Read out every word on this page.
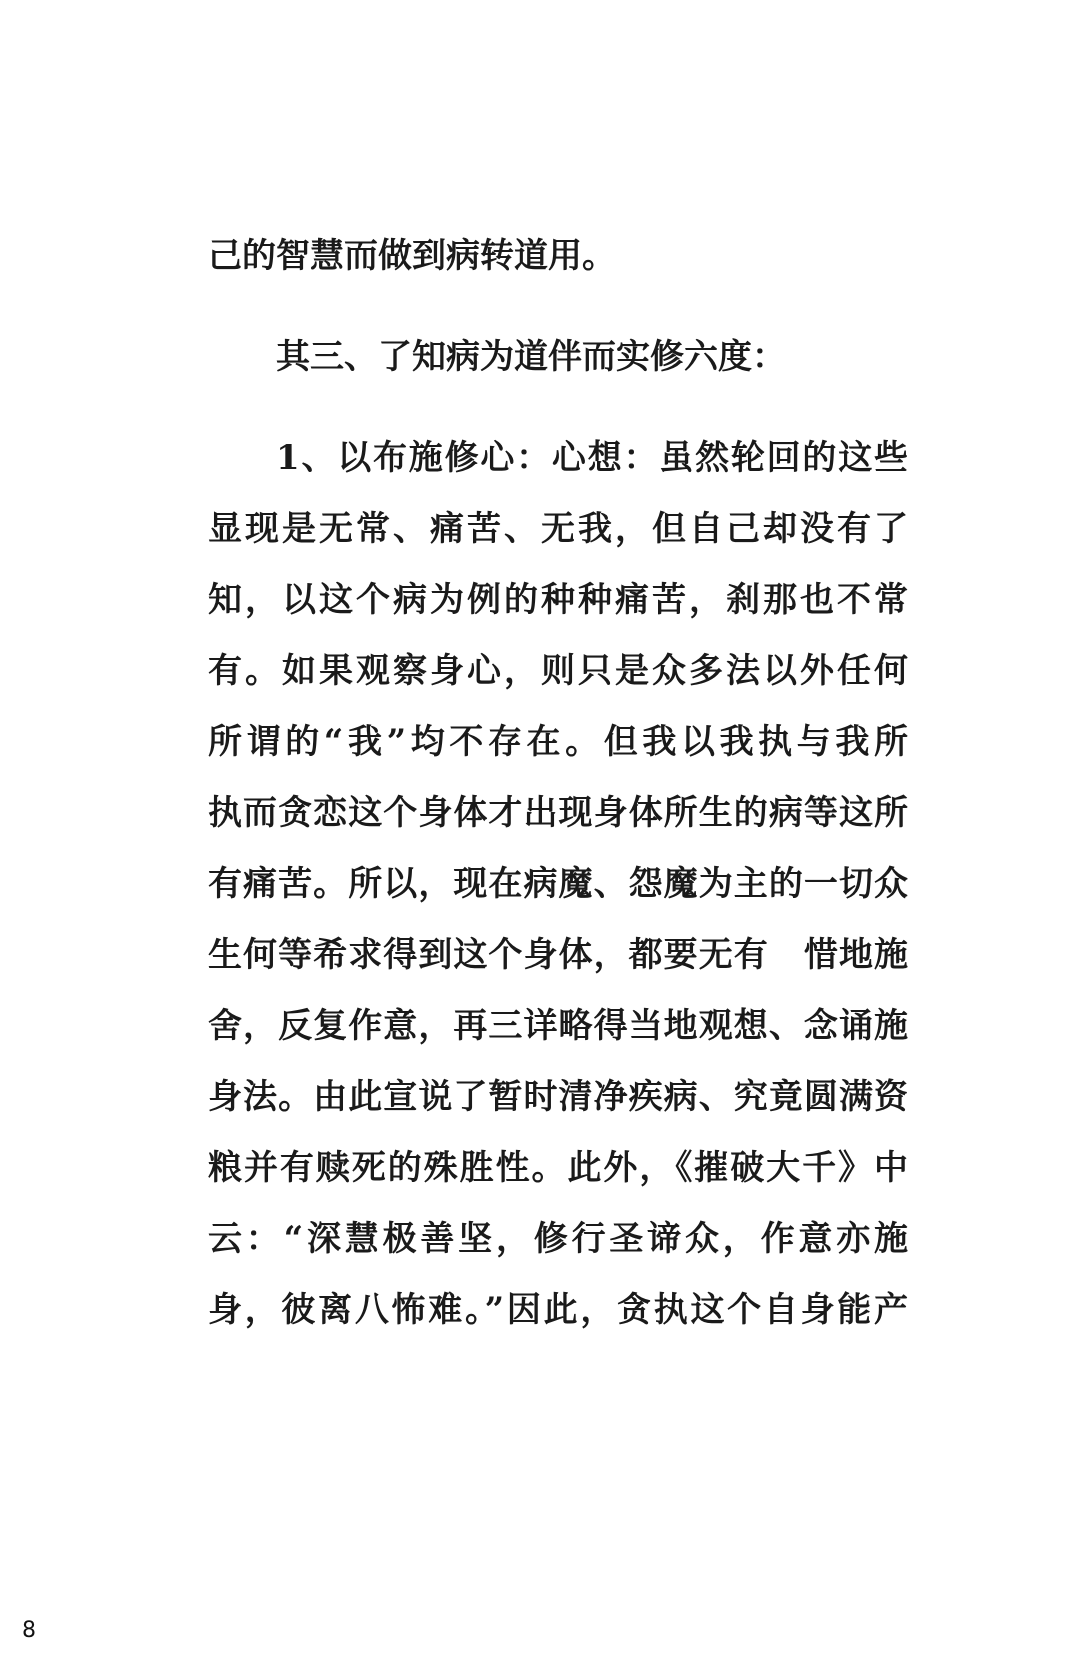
己的智慧而做到病转道用。
其三、了知病为道伴而实修六度：
1、以布施修心：心想：虽然轮回的这些
显现是无常、痛苦、无我，但自己却没有了
知，以这个病为例的种种痛苦，刹那也不常
有。如果观察身心，则只是众多法以外任何
所谓的“我”均不存在。但我以我执与我所
执而贪恋这个身体才出现身体所生的病等这所
有痛苦。所以，现在病魔、怨魔为主的一切众
生何等希求得到这个身体，都要无有　惜地施
舍，反复作意，再三详略得当地观想、念诵施
身法。由此宣说了暂时清净疾病、究竟圆满资
粮并有赎死的殊胜性。此外，《摧破大千》中
云：“深慧极善坚，修行圣谛众，作意亦施
身，彼离八怖难。”因此，贪执这个自身能产
8
